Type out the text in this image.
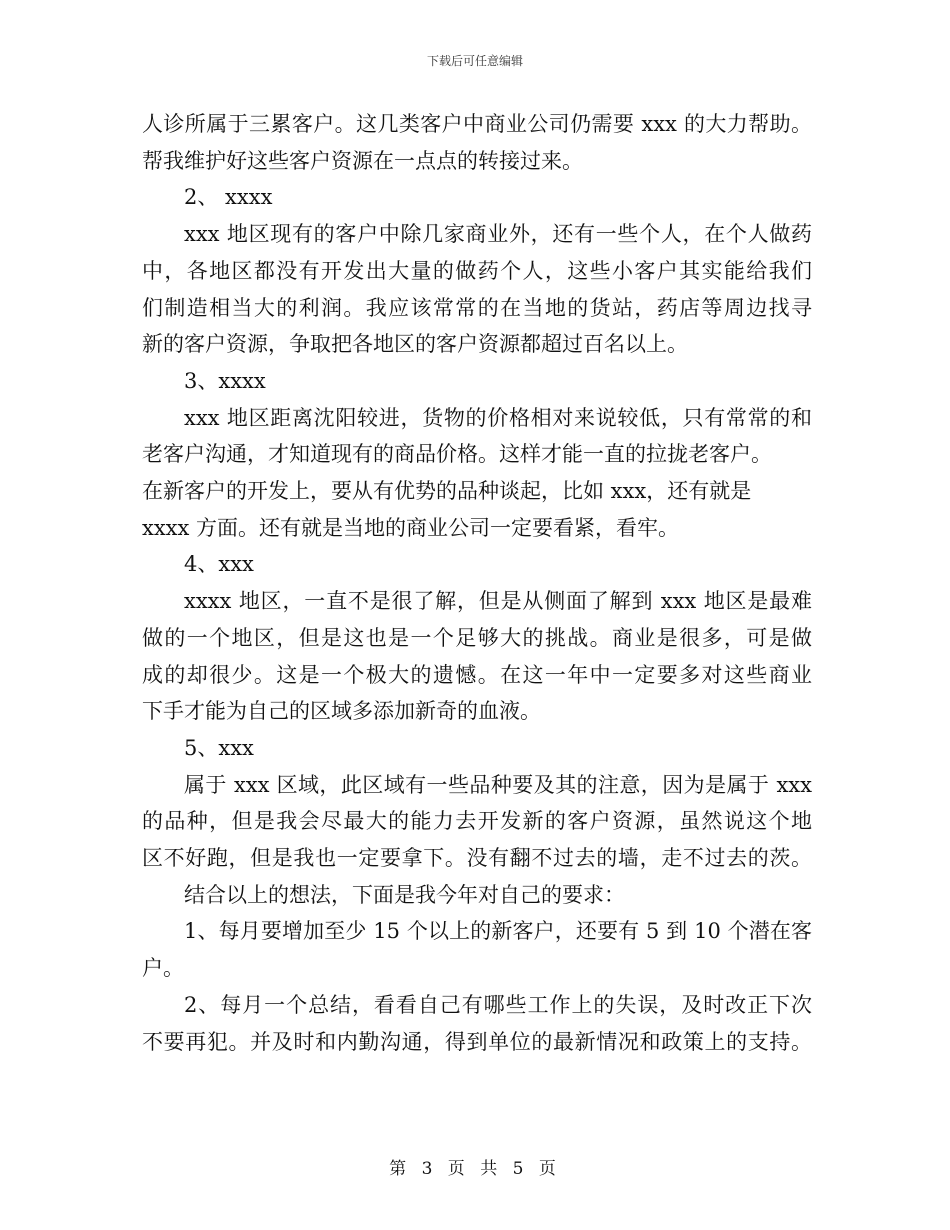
下载后可任意编辑

人诊所属于三累客户。这几类客户中商业公司仍需要 xxx 的大力帮助。

帮我维护好这些客户资源在一点点的转接过来。

2、 xxxx

xxx 地区现有的客户中除几家商业外，还有一些个人，在个人做药

中，各地区都没有开发出大量的做药个人，这些小客户其实能给我们

们制造相当大的利润。我应该常常的在当地的货站，药店等周边找寻

新的客户资源，争取把各地区的客户资源都超过百名以上。

3、xxxx

xxx 地区距离沈阳较进，货物的价格相对来说较低，只有常常的和

老客户沟通，才知道现有的商品价格。这样才能一直的拉拢老客户。

在新客户的开发上，要从有优势的品种谈起，比如 xxx，还有就是

xxxx 方面。还有就是当地的商业公司一定要看紧，看牢。

4、xxx

xxxx 地区，一直不是很了解，但是从侧面了解到 xxx 地区是最难

做的一个地区，但是这也是一个足够大的挑战。商业是很多，可是做

成的却很少。这是一个极大的遗憾。在这一年中一定要多对这些商业

下手才能为自己的区域多添加新奇的血液。

5、xxx

属于 xxx 区域，此区域有一些品种要及其的注意，因为是属于 xxx

的品种，但是我会尽最大的能力去开发新的客户资源，虽然说这个地

区不好跑，但是我也一定要拿下。没有翻不过去的墙，走不过去的茨。

结合以上的想法，下面是我今年对自己的要求：

1、每月要增加至少 15 个以上的新客户，还要有 5 到 10 个潜在客

户。

2、每月一个总结，看看自己有哪些工作上的失误，及时改正下次

不要再犯。并及时和内勤沟通，得到单位的最新情况和政策上的支持。

第 3 页 共 5 页
